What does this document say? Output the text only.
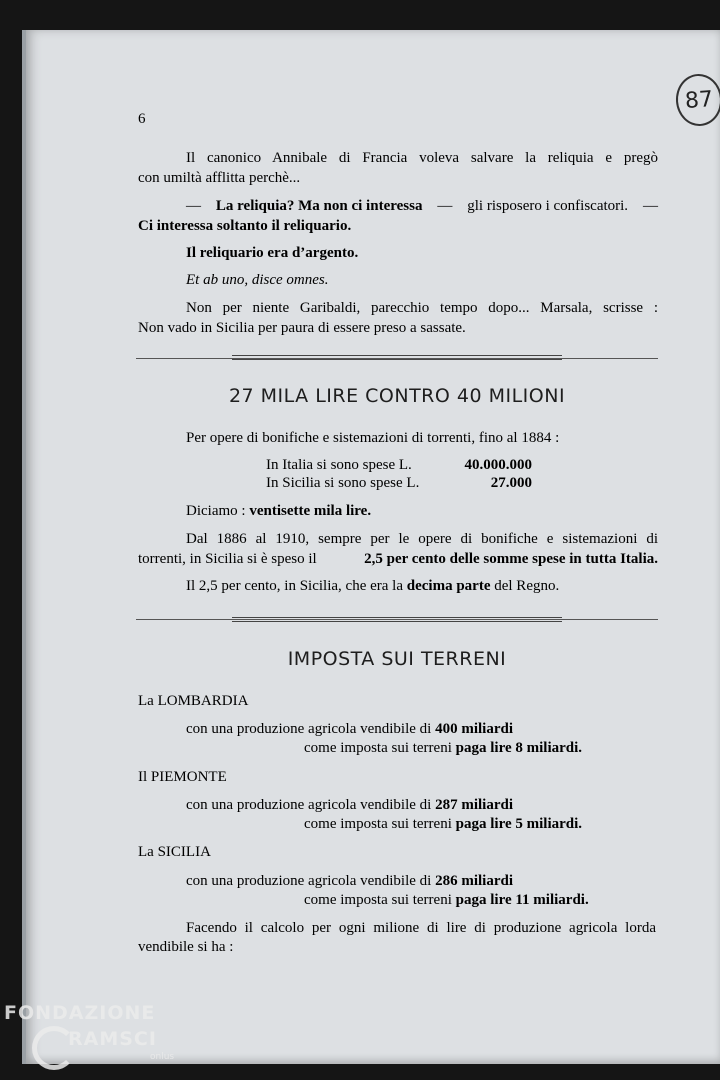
87
6
Il canonico Annibale di Francia voleva salvare la reliquia e pregò
con umiltà afflitta perchè...
— La reliquia? Ma non ci interessa — gli risposero i confiscatori. —
Ci interessa soltanto il reliquario.
Il reliquario era d’argento.
Et ab uno, disce omnes.
Non per niente Garibaldi, parecchio tempo dopo... Marsala, scrisse :
Non vado in Sicilia per paura di essere preso a sassate.
27 MILA LIRE CONTRO 40 MILIONI
Per opere di bonifiche e sistemazioni di torrenti, fino al 1884 :
In Italia si sono spese L.	40.000.000
In Sicilia si sono spese L.	27.000
Diciamo : ventisette mila lire.
Dal 1886 al 1910, sempre per le opere di bonifiche e sistemazioni di
torrenti, in Sicilia si è speso il	2,5 per cento delle somme spese in tutta Italia.
Il 2,5 per cento, in Sicilia, che era la decima parte del Regno.
IMPOSTA SUI TERRENI
La LOMBARDIA
con una produzione agricola vendibile di 400 miliardi
come imposta sui terreni paga lire 8 miliardi.
Il PIEMONTE
con una produzione agricola vendibile di 287 miliardi
come imposta sui terreni paga lire 5 miliardi.
La SICILIA
con una produzione agricola vendibile di 286 miliardi
come imposta sui terreni paga lire 11 miliardi.
Facendo il calcolo per ogni milione di lire di produzione agricola lorda
vendibile si ha :
FONDAZIONE
RAMSCI
onlus
